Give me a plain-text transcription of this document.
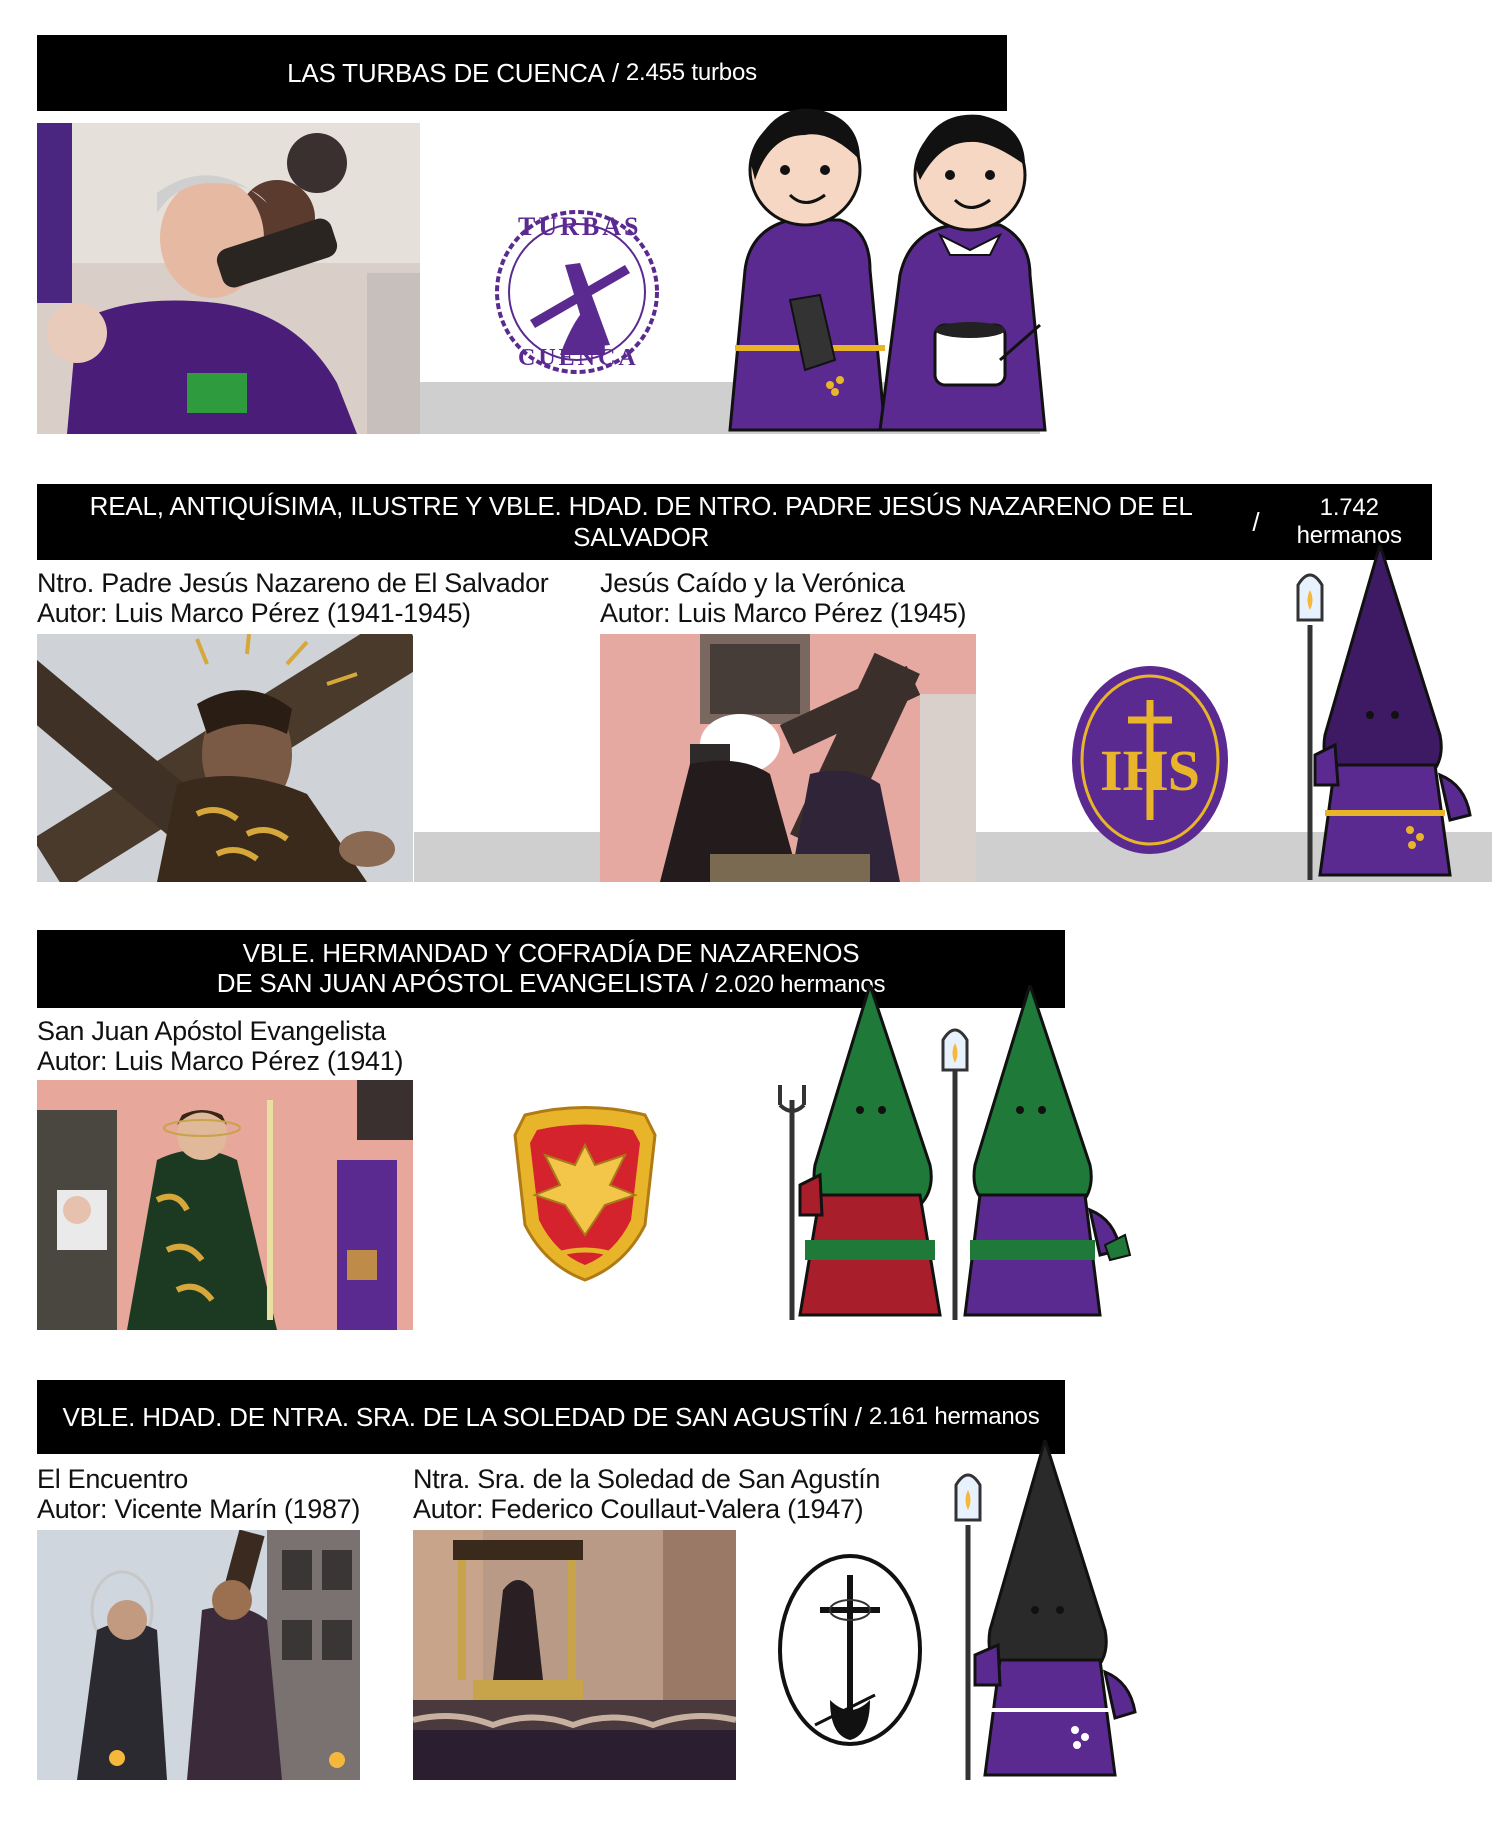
LAS TURBAS DE CUENCA / 2.455 turbos
TURBAS
CUENCA
REAL, ANTIQUÍSIMA, ILUSTRE Y VBLE. HDAD. DE NTRO. PADRE JESÚS NAZARENO DE EL SALVADOR
/	1.742 hermanos
Ntro. Padre Jesús Nazareno de El Salvador
Autor: Luis Marco Pérez (1941-1945)
Jesús Caído y la Verónica
Autor: Luis Marco Pérez (1945)
IHS
VBLE. HERMANDAD Y COFRADÍA DE NAZARENOS
DE SAN JUAN APÓSTOL EVANGELISTA / 2.020 hermanos
San Juan Apóstol Evangelista
Autor: Luis Marco Pérez (1941)
VBLE. HDAD. DE NTRA. SRA. DE LA SOLEDAD DE SAN AGUSTÍN / 2.161 hermanos
El Encuentro
Autor: Vicente Marín (1987)
Ntra. Sra. de la Soledad de San Agustín
Autor: Federico Coullaut-Valera (1947)
